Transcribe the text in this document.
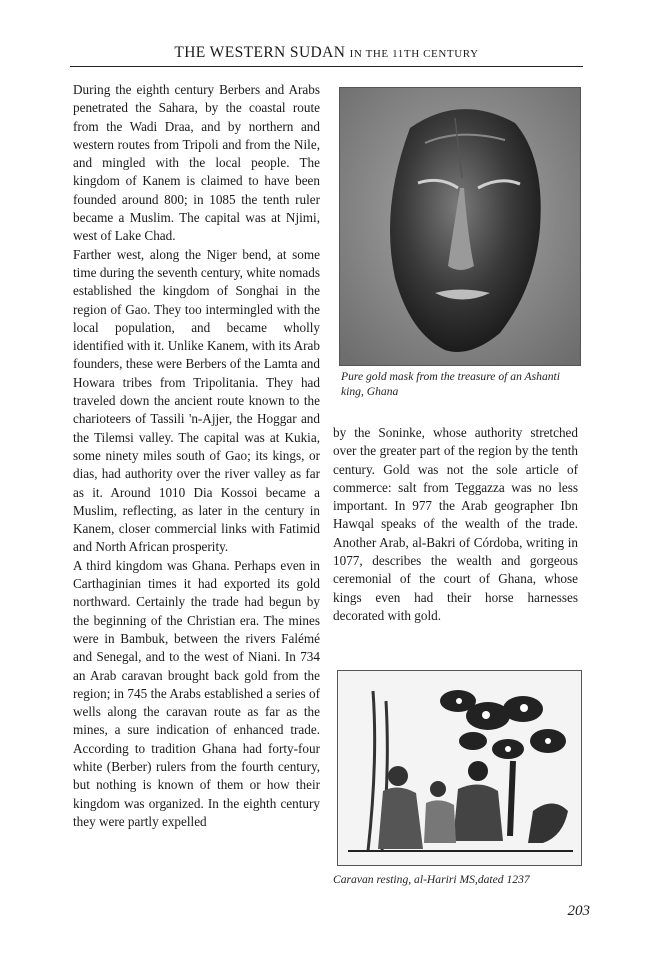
THE WESTERN SUDAN IN THE 11TH CENTURY

During the eighth century Berbers and Arabs penetrated the Sahara, by the coastal route from the Wadi Draa, and by northern and western routes from Tripoli and from the Nile, and mingled with the local people. The kingdom of Kanem is claimed to have been founded around 800; in 1085 the tenth ruler became a Muslim. The capital was at Njimi, west of Lake Chad.

Farther west, along the Niger bend, at some time during the seventh century, white nomads established the kingdom of Songhai in the region of Gao. They too intermingled with the local population, and became wholly identified with it. Unlike Kanem, with its Arab founders, these were Berbers of the Lamta and Howara tribes from Tripolitania. They had traveled down the ancient route known to the charioteers of Tassili 'n-Ajjer, the Hoggar and the Tilemsi valley. The capital was at Kukia, some ninety miles south of Gao; its kings, or dias, had authority over the river valley as far as it. Around 1010 Dia Kossoi became a Muslim, reflecting, as later in the century in Kanem, closer commercial links with Fatimid and North African prosperity.

A third kingdom was Ghana. Perhaps even in Carthaginian times it had exported its gold northward. Certainly the trade had begun by the beginning of the Christian era. The mines were in Bambuk, between the rivers Falémé and Senegal, and to the west of Niani. In 734 an Arab caravan brought back gold from the region; in 745 the Arabs established a series of wells along the caravan route as far as the mines, a sure indication of enhanced trade. According to tradition Ghana had forty-four white (Berber) rulers from the fourth century, but nothing is known of them or how their kingdom was organized. In the eighth century they were partly expelled

Pure gold mask from the treasure of an Ashanti king, Ghana

by the Soninke, whose authority stretched over the greater part of the region by the tenth century. Gold was not the sole article of commerce: salt from Teggazza was no less important. In 977 the Arab geographer Ibn Hawqal speaks of the wealth of the trade. Another Arab, al-Bakri of Córdoba, writing in 1077, describes the wealth and gorgeous ceremonial of the court of Ghana, whose kings even had their horse harnesses decorated with gold.

Caravan resting, al-Hariri MS,dated 1237
203
